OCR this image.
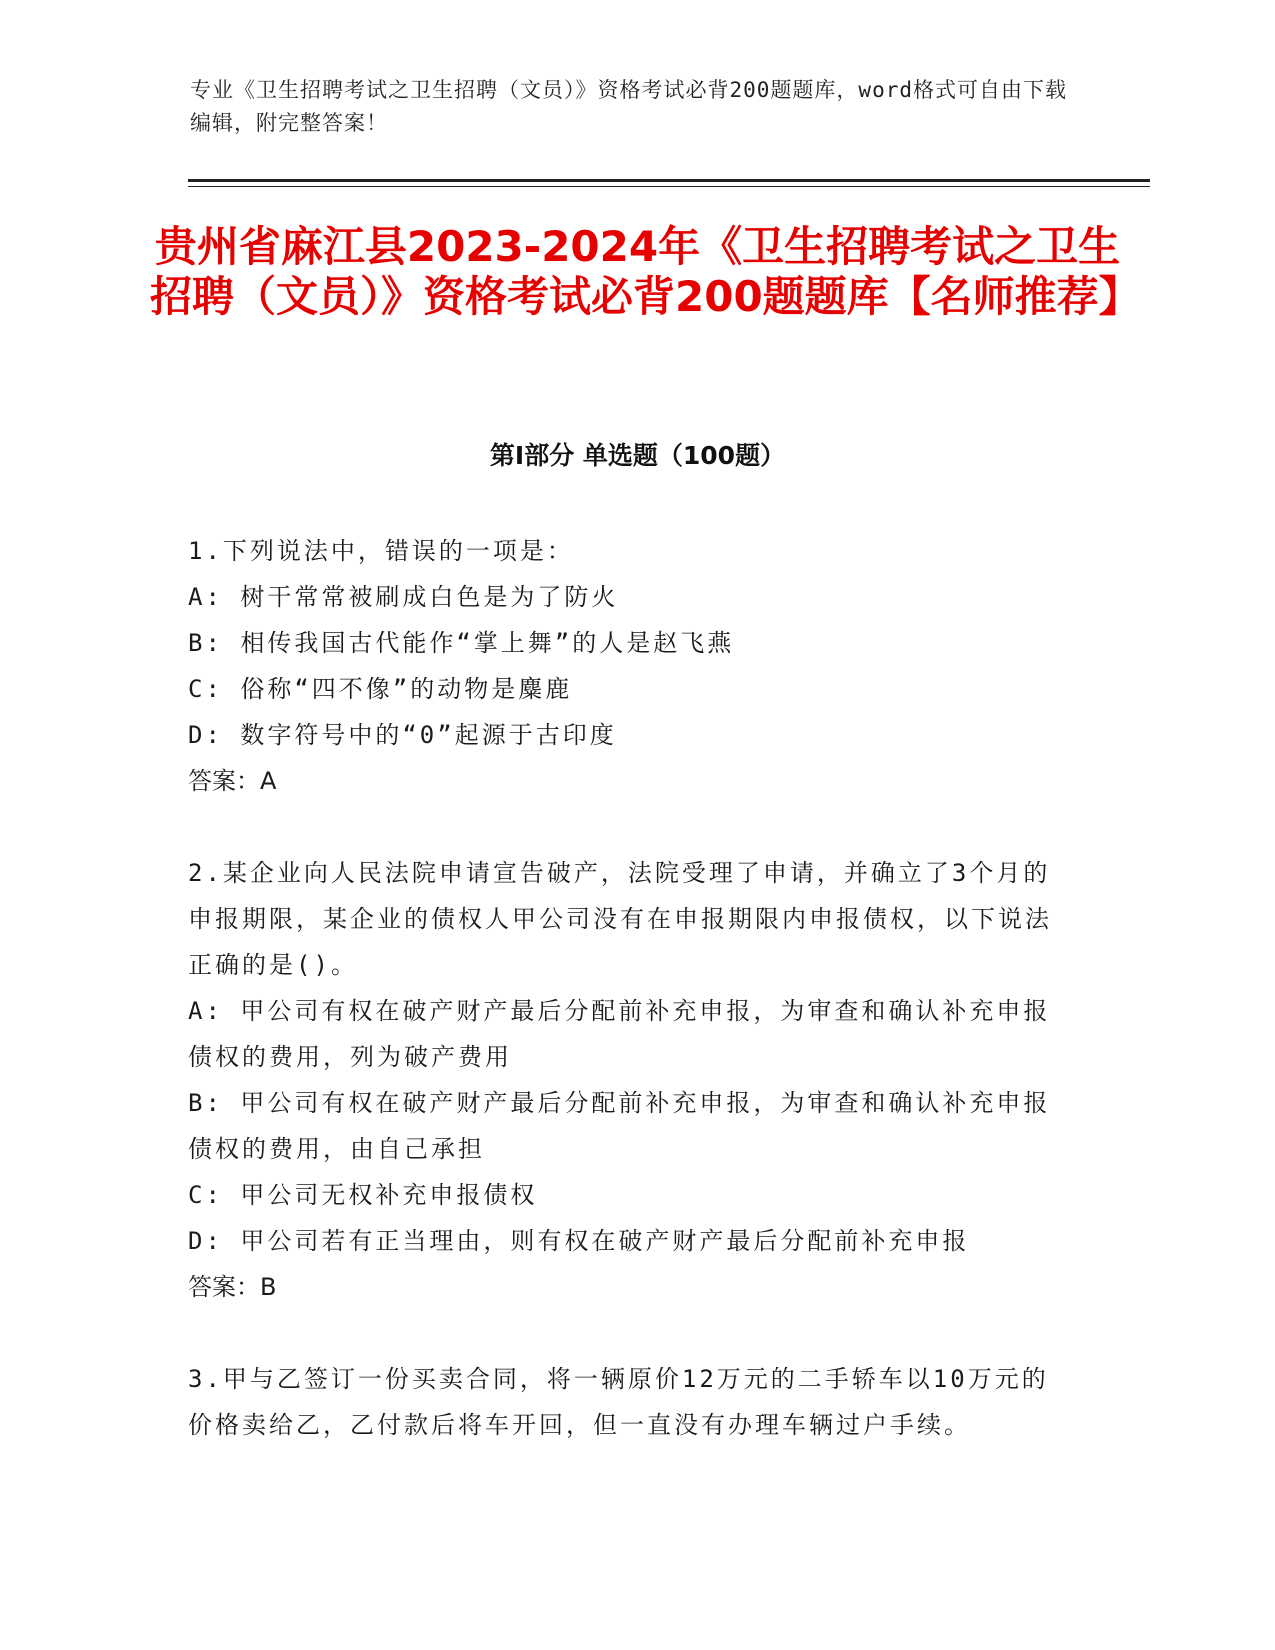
专业《卫生招聘考试之卫生招聘（文员）》资格考试必背200题题库，word格式可自由下载编辑，附完整答案！
贵州省麻江县2023-2024年《卫生招聘考试之卫生招聘（文员）》资格考试必背200题题库【名师推荐】
第Ⅰ部分 单选题（100题）

1.下列说法中，错误的一项是：

A: 树干常常被刷成白色是为了防火

B: 相传我国古代能作“掌上舞”的人是赵飞燕

C: 俗称“四不像”的动物是麋鹿

D: 数字符号中的“0”起源于古印度

答案：A

2.某企业向人民法院申请宣告破产，法院受理了申请，并确立了3个月的申报期限，某企业的债权人甲公司没有在申报期限内申报债权，以下说法正确的是()。

A: 甲公司有权在破产财产最后分配前补充申报，为审查和确认补充申报债权的费用，列为破产费用

B: 甲公司有权在破产财产最后分配前补充申报，为审查和确认补充申报债权的费用，由自己承担

C: 甲公司无权补充申报债权

D: 甲公司若有正当理由，则有权在破产财产最后分配前补充申报

答案：B

3.甲与乙签订一份买卖合同，将一辆原价12万元的二手轿车以10万元的价格卖给乙，乙付款后将车开回，但一直没有办理车辆过户手续。
